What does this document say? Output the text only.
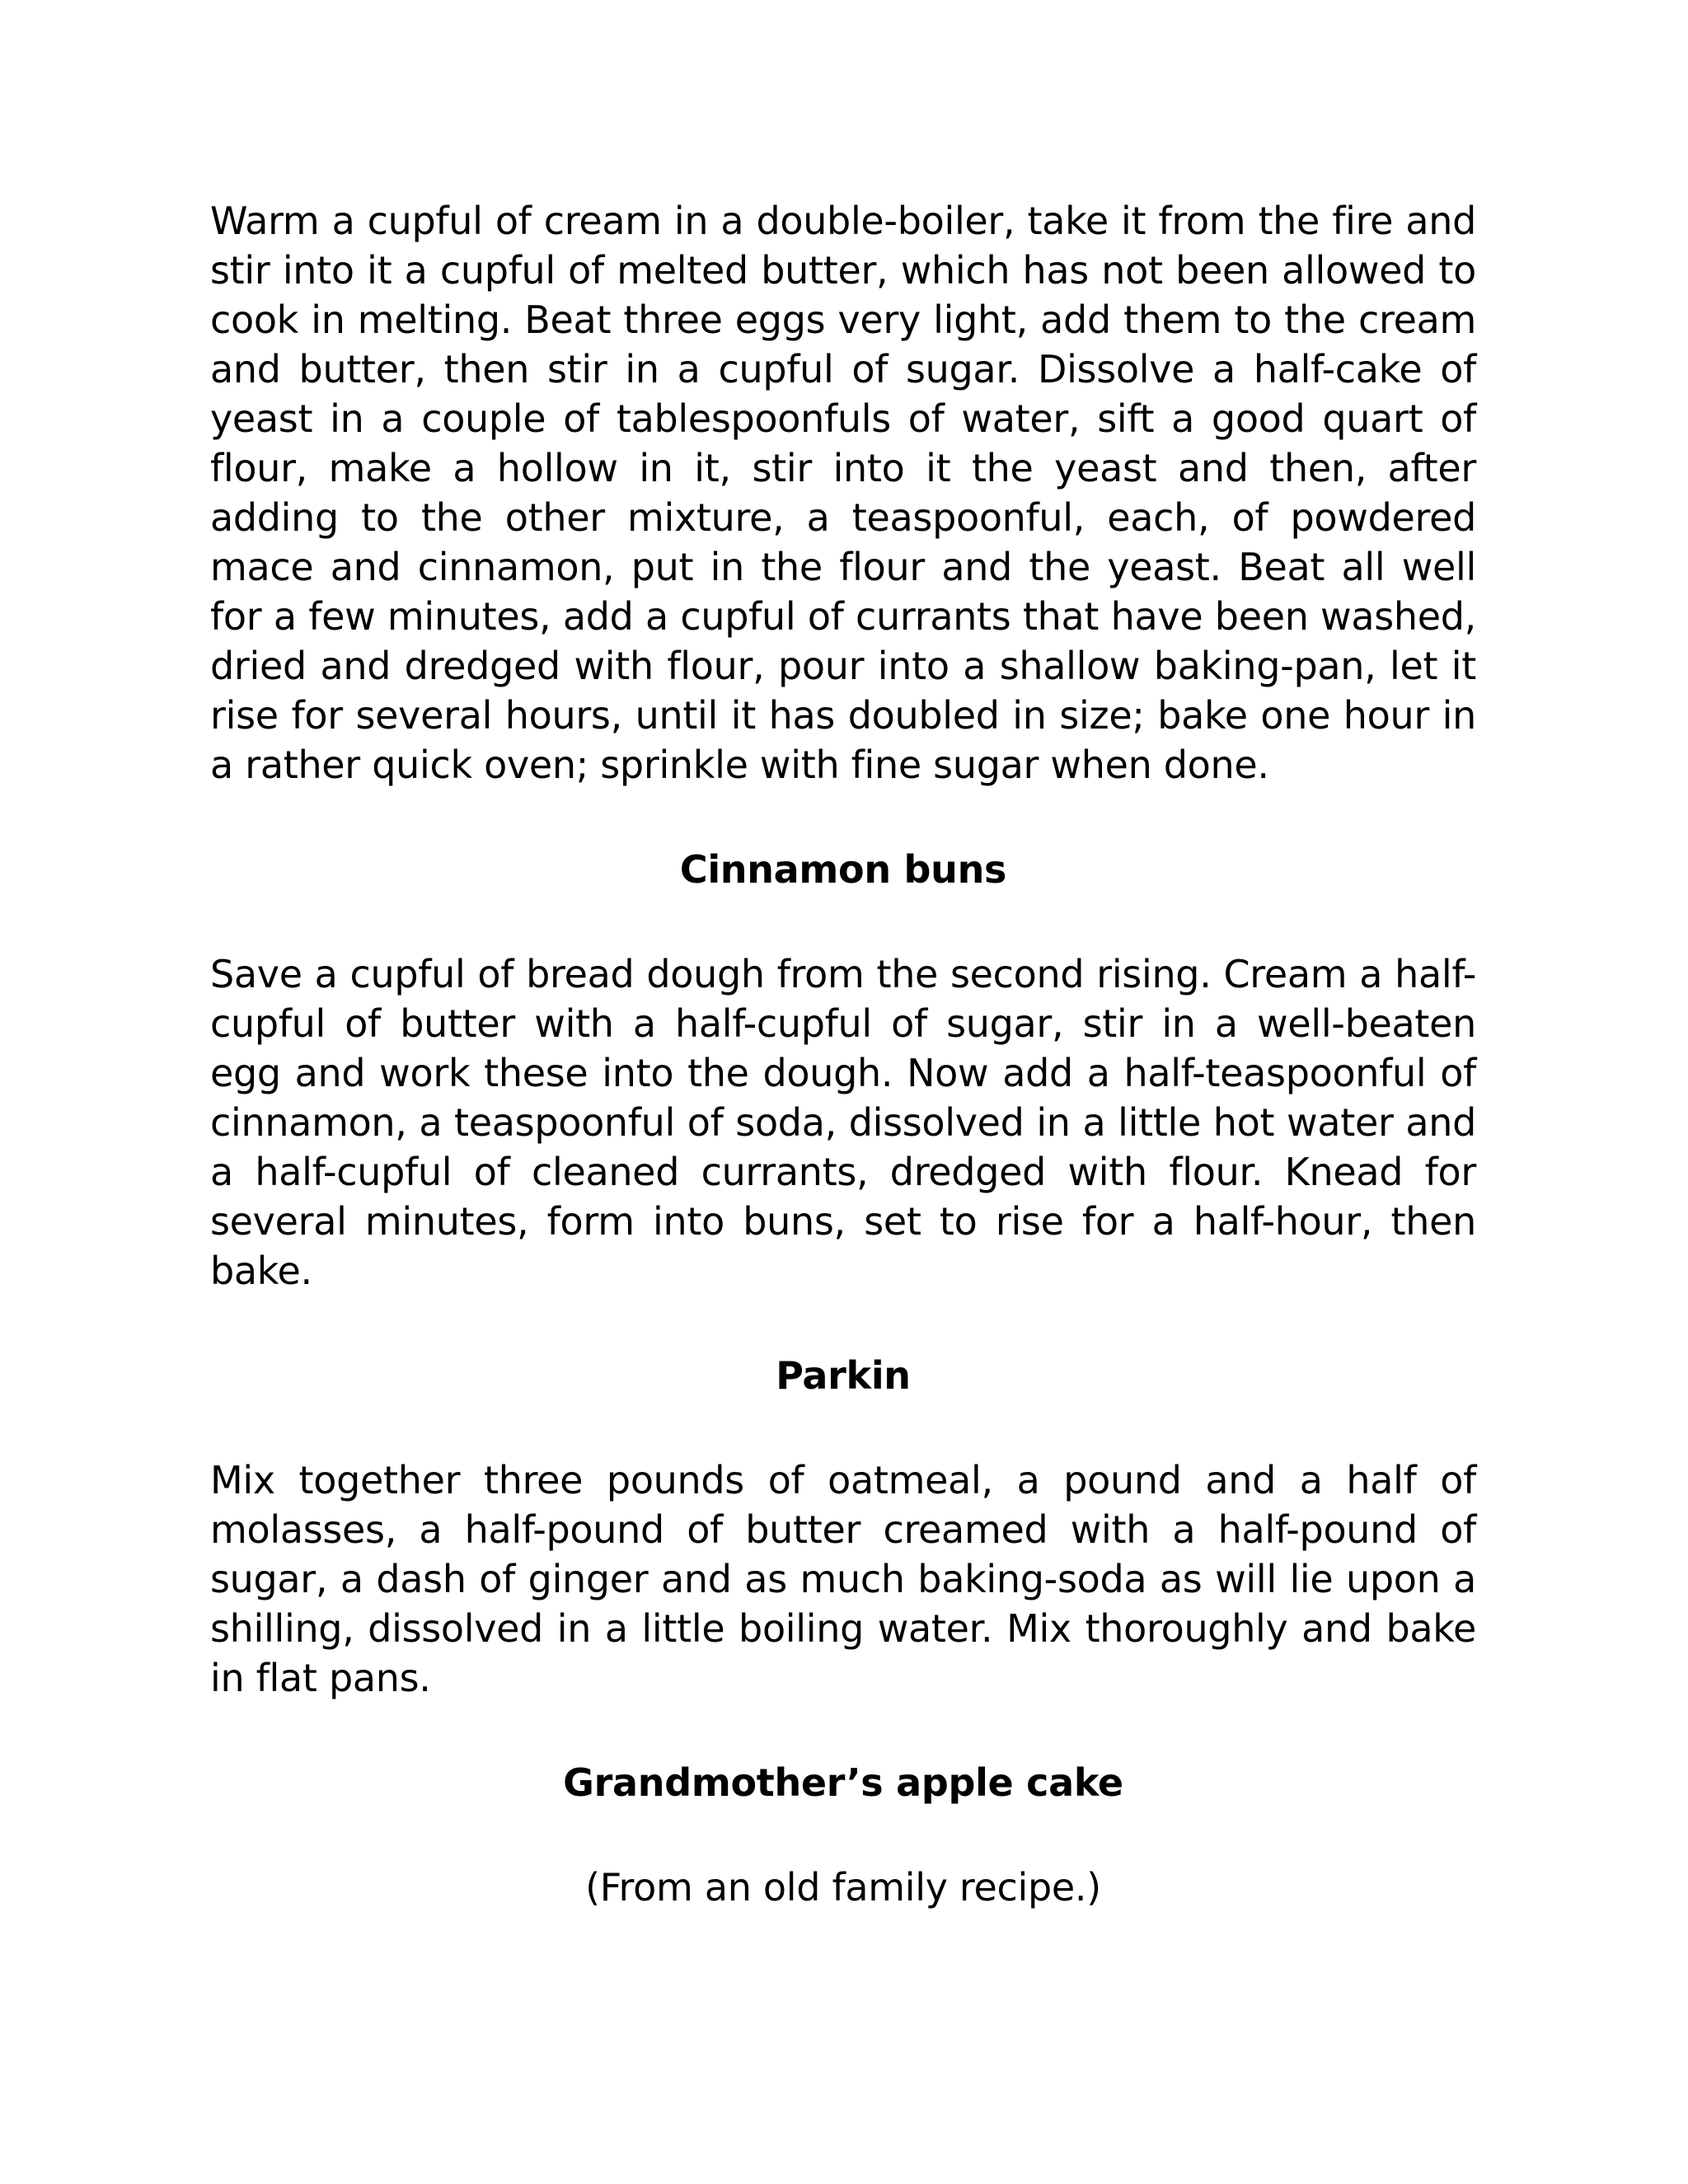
Warm a cupful of cream in a double-boiler, take it from the fire and stir into it a cupful of melted butter, which has not been allowed to cook in melting. Beat three eggs very light, add them to the cream and butter, then stir in a cupful of sugar. Dissolve a half-cake of yeast in a couple of tablespoonfuls of water, sift a good quart of flour, make a hollow in it, stir into it the yeast and then, after adding to the other mixture, a teaspoonful, each, of powdered mace and cinnamon, put in the flour and the yeast. Beat all well for a few minutes, add a cupful of currants that have been washed, dried and dredged with flour, pour into a shallow baking-pan, let it rise for several hours, until it has doubled in size; bake one hour in a rather quick oven; sprinkle with fine sugar when done.

Cinnamon buns

Save a cupful of bread dough from the second rising. Cream a half-cupful of butter with a half-cupful of sugar, stir in a well-beaten egg and work these into the dough. Now add a half-teaspoonful of cinnamon, a teaspoonful of soda, dissolved in a little hot water and a half-cupful of cleaned currants, dredged with flour. Knead for several minutes, form into buns, set to rise for a half-hour, then bake.

Parkin

Mix together three pounds of oatmeal, a pound and a half of molasses, a half-pound of butter creamed with a half-pound of sugar, a dash of ginger and as much baking-soda as will lie upon a shilling, dissolved in a little boiling water. Mix thoroughly and bake in flat pans.

Grandmother’s apple cake

(From an old family recipe.)
